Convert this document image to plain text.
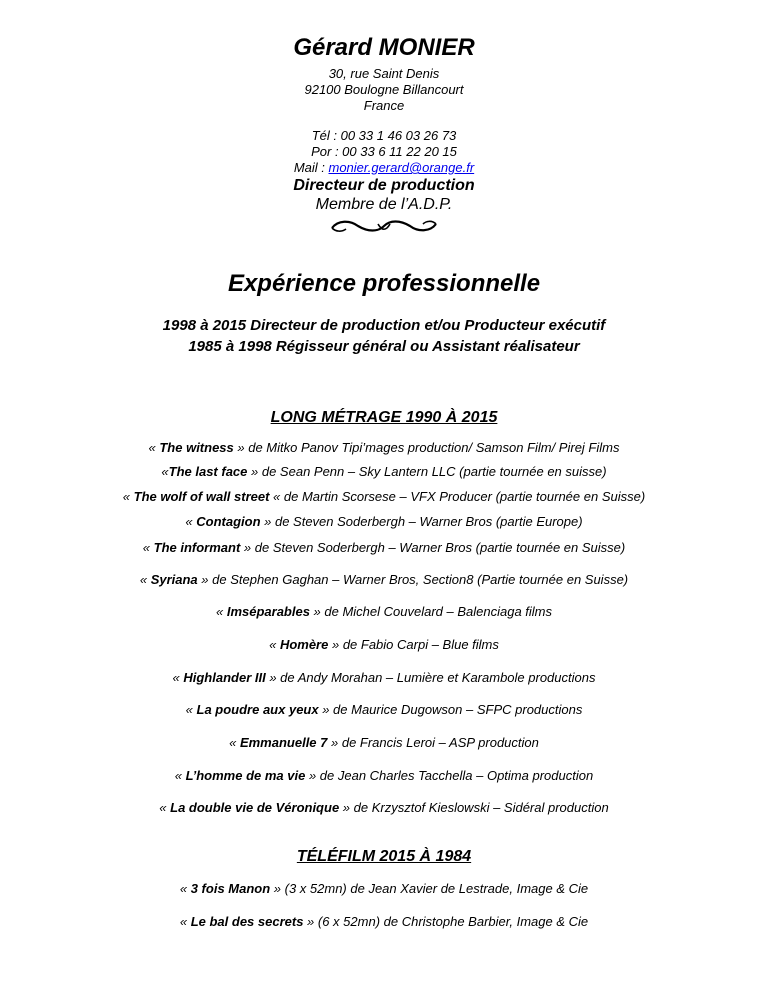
Gérard MONIER
30, rue Saint Denis
92100 Boulogne Billancourt
France
Tél : 00 33 1 46 03 26 73
Por : 00 33 6 11 22 20 15
Mail : monier.gerard@orange.fr
Directeur de production
Membre de l’A.D.P.
Expérience professionnelle
1998 à 2015 Directeur de production et/ou Producteur exécutif
1985 à 1998 Régisseur général ou Assistant réalisateur
LONG MÉTRAGE 1990 À 2015
« The witness » de Mitko Panov Tipi’mages production/ Samson Film/ Pirej Films
«The last face » de Sean Penn – Sky Lantern LLC (partie tournée en suisse)
« The wolf of wall street « de Martin Scorsese – VFX Producer (partie tournée en Suisse)
« Contagion » de Steven Soderbergh – Warner Bros (partie Europe)
« The informant » de Steven Soderbergh – Warner Bros (partie tournée en Suisse)
« Syriana » de Stephen Gaghan – Warner Bros, Section8 (Partie tournée en Suisse)
« Imséparables » de Michel Couvelard – Balenciaga films
« Homère » de Fabio Carpi – Blue films
« Highlander III » de Andy Morahan – Lumière et Karambole productions
« La poudre aux yeux » de Maurice Dugowson – SFPC productions
« Emmanuelle 7 » de Francis Leroi – ASP production
« L’homme de ma vie » de Jean Charles Tacchella – Optima production
« La double vie de Véronique » de Krzysztof Kieslowski – Sidéral production
TÉLÉFILM 2015 À 1984
« 3 fois Manon » (3 x 52mn) de Jean Xavier de Lestrade, Image & Cie
« Le bal des secrets » (6 x 52mn) de Christophe Barbier, Image & Cie
